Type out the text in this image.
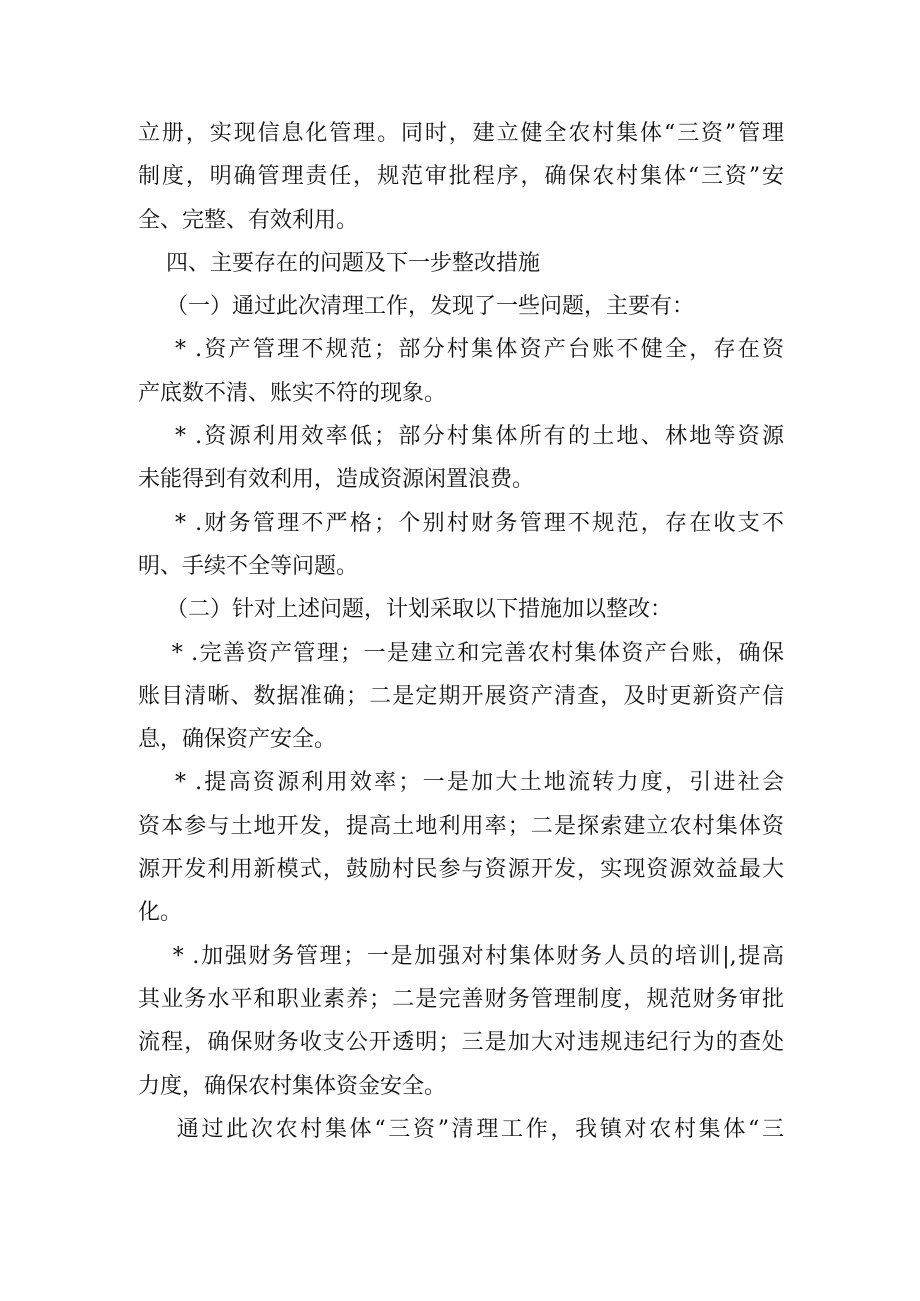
立册，实现信息化管理。同时，建立健全农村集体“三资”管理
制度，明确管理责任，规范审批程序，确保农村集体“三资”安
全、完整、有效利用。
四、主要存在的问题及下一步整改措施
（一）通过此次清理工作，发现了一些问题，主要有：
* .资产管理不规范；部分村集体资产台账不健全，存在资
产底数不清、账实不符的现象。
* .资源利用效率低；部分村集体所有的土地、林地等资源
未能得到有效利用，造成资源闲置浪费。
* .财务管理不严格；个别村财务管理不规范，存在收支不
明、手续不全等问题。
（二）针对上述问题，计划采取以下措施加以整改：
* .完善资产管理；一是建立和完善农村集体资产台账，确保
账目清晰、数据准确；二是定期开展资产清查，及时更新资产信
息，确保资产安全。
* .提高资源利用效率；一是加大土地流转力度，引进社会
资本参与土地开发，提高土地利用率；二是探索建立农村集体资
源开发利用新模式，鼓励村民参与资源开发，实现资源效益最大
化。
* .加强财务管理；一是加强对村集体财务人员的培训|,提高
其业务水平和职业素养；二是完善财务管理制度，规范财务审批
流程，确保财务收支公开透明；三是加大对违规违纪行为的查处
力度，确保农村集体资金安全。
通过此次农村集体“三资”清理工作，我镇对农村集体“三
